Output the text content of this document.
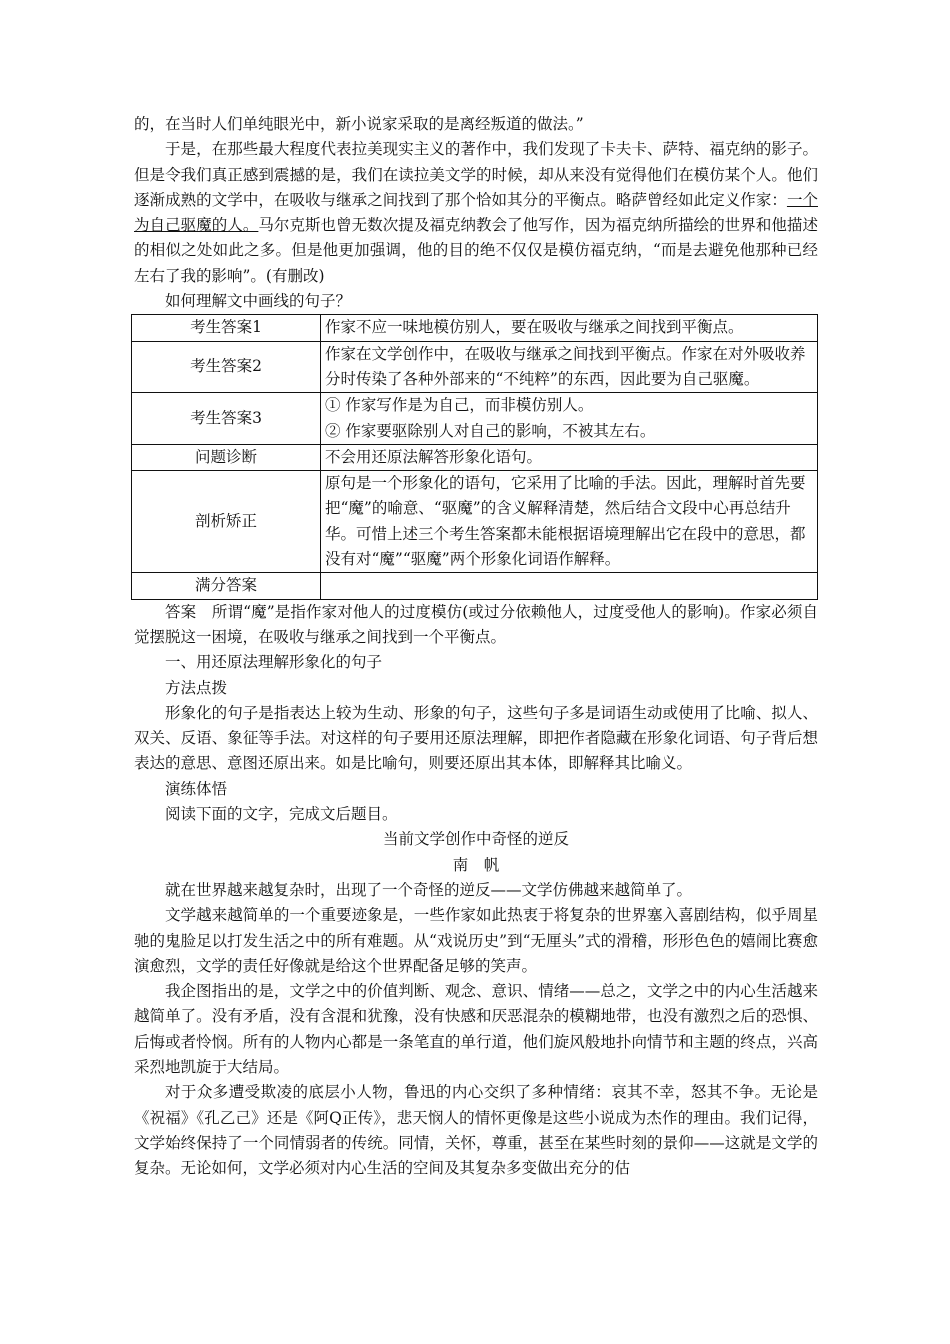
的，在当时人们单纯眼光中，新小说家采取的是离经叛道的做法。”

于是，在那些最大程度代表拉美现实主义的著作中，我们发现了卡夫卡、萨特、福克纳的影子。但是令我们真正感到震撼的是，我们在读拉美文学的时候，却从来没有觉得他们在模仿某个人。他们逐渐成熟的文学中，在吸收与继承之间找到了那个恰如其分的平衡点。略萨曾经如此定义作家：一个为自己驱魔的人。马尔克斯也曾无数次提及福克纳教会了他写作，因为福克纳所描绘的世界和他描述的相似之处如此之多。但是他更加强调，他的目的绝不仅仅是模仿福克纳，“而是去避免他那种已经左右了我的影响”。(有删改)

如何理解文中画线的句子？

考生答案1	作家不应一味地模仿别人，要在吸收与继承之间找到平衡点。
考生答案2	作家在文学创作中，在吸收与继承之间找到平衡点。作家在对外吸收养分时传染了各种外部来的“不纯粹”的东西，因此要为自己驱魔。
考生答案3	① 作家写作是为自己，而非模仿别人。
② 作家要驱除别人对自己的影响，不被其左右。

问题诊断	不会用还原法解答形象化语句。
剖析矫正	原句是一个形象化的语句，它采用了比喻的手法。因此，理解时首先要把“魔”的喻意、“驱魔”的含义解释清楚，然后结合文段中心再总结升华。可惜上述三个考生答案都未能根据语境理解出它在段中的意思，都没有对“魔”“驱魔”两个形象化词语作解释。
满分答案	

答案　所谓“魔”是指作家对他人的过度模仿(或过分依赖他人，过度受他人的影响)。作家必须自觉摆脱这一困境，在吸收与继承之间找到一个平衡点。

一、用还原法理解形象化的句子

方法点拨

形象化的句子是指表达上较为生动、形象的句子，这些句子多是词语生动或使用了比喻、拟人、双关、反语、象征等手法。对这样的句子要用还原法理解，即把作者隐藏在形象化词语、句子背后想表达的意思、意图还原出来。如是比喻句，则要还原出其本体，即解释其比喻义。

演练体悟

阅读下面的文字，完成文后题目。

当前文学创作中奇怪的逆反

南　帆

就在世界越来越复杂时，出现了一个奇怪的逆反——文学仿佛越来越简单了。

文学越来越简单的一个重要迹象是，一些作家如此热衷于将复杂的世界塞入喜剧结构，似乎周星驰的鬼脸足以打发生活之中的所有难题。从“戏说历史”到“无厘头”式的滑稽，形形色色的嬉闹比赛愈演愈烈，文学的责任好像就是给这个世界配备足够的笑声。

我企图指出的是，文学之中的价值判断、观念、意识、情绪——总之，文学之中的内心生活越来越简单了。没有矛盾，没有含混和犹豫，没有快感和厌恶混杂的模糊地带，也没有激烈之后的恐惧、后悔或者怜悯。所有的人物内心都是一条笔直的单行道，他们旋风般地扑向情节和主题的终点，兴高采烈地凯旋于大结局。

对于众多遭受欺凌的底层小人物，鲁迅的内心交织了多种情绪：哀其不幸，怒其不争。无论是《祝福》《孔乙己》还是《阿Q正传》，悲天悯人的情怀更像是这些小说成为杰作的理由。我们记得，文学始终保持了一个同情弱者的传统。同情，关怀，尊重，甚至在某些时刻的景仰——这就是文学的复杂。无论如何，文学必须对内心生活的空间及其复杂多变做出充分的估
